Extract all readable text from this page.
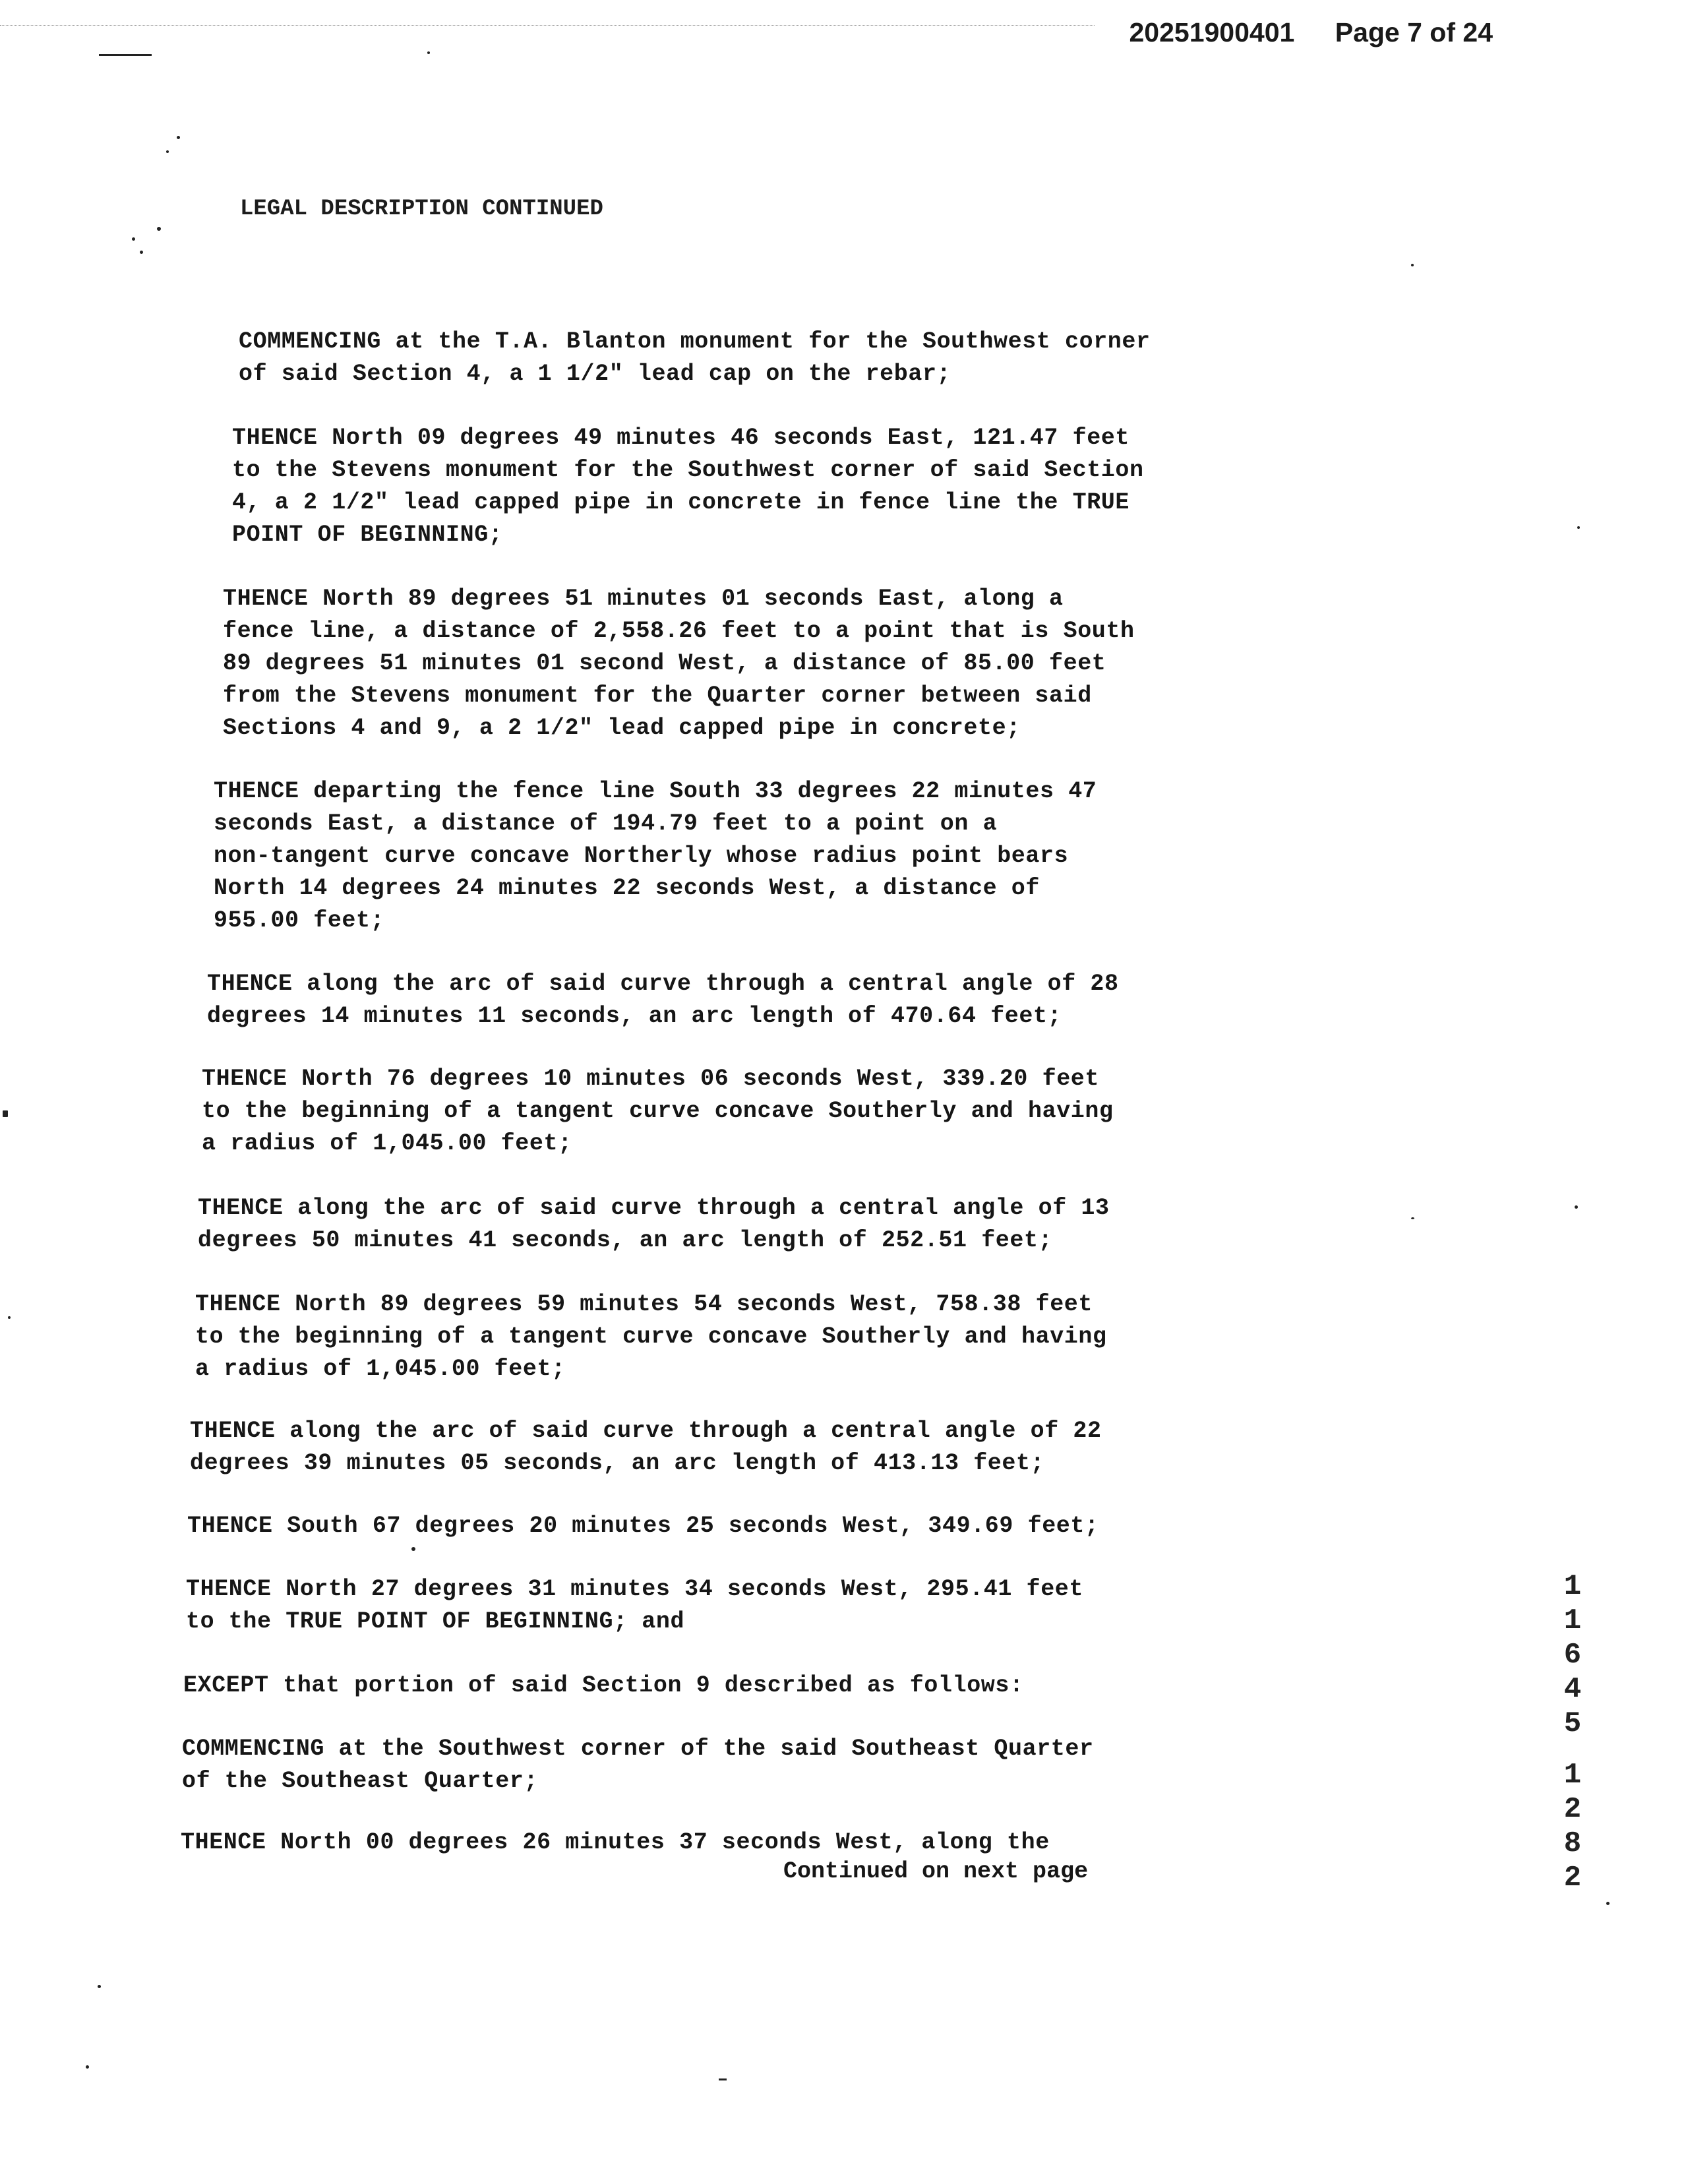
20251900401 Page 7 of 24
LEGAL DESCRIPTION CONTINUED

COMMENCING at the T.A. Blanton monument for the Southwest corner
of said Section 4, a 1 1/2" lead cap on the rebar;

THENCE North 09 degrees 49 minutes 46 seconds East, 121.47 feet
to the Stevens monument for the Southwest corner of said Section
4, a 2 1/2" lead capped pipe in concrete in fence line the TRUE
POINT OF BEGINNING;

THENCE North 89 degrees 51 minutes 01 seconds East, along a
fence line, a distance of 2,558.26 feet to a point that is South
89 degrees 51 minutes 01 second West, a distance of 85.00 feet
from the Stevens monument for the Quarter corner between said
Sections 4 and 9, a 2 1/2" lead capped pipe in concrete;

THENCE departing the fence line South 33 degrees 22 minutes 47
seconds East, a distance of 194.79 feet to a point on a
non-tangent curve concave Northerly whose radius point bears
North 14 degrees 24 minutes 22 seconds West, a distance of
955.00 feet;

THENCE along the arc of said curve through a central angle of 28
degrees 14 minutes 11 seconds, an arc length of 470.64 feet;

THENCE North 76 degrees 10 minutes 06 seconds West, 339.20 feet
to the beginning of a tangent curve concave Southerly and having
a radius of 1,045.00 feet;

THENCE along the arc of said curve through a central angle of 13
degrees 50 minutes 41 seconds, an arc length of 252.51 feet;

THENCE North 89 degrees 59 minutes 54 seconds West, 758.38 feet
to the beginning of a tangent curve concave Southerly and having
a radius of 1,045.00 feet;

THENCE along the arc of said curve through a central angle of 22
degrees 39 minutes 05 seconds, an arc length of 413.13 feet;

THENCE South 67 degrees 20 minutes 25 seconds West, 349.69 feet;

THENCE North 27 degrees 31 minutes 34 seconds West, 295.41 feet
to the TRUE POINT OF BEGINNING; and

EXCEPT that portion of said Section 9 described as follows:

COMMENCING at the Southwest corner of the said Southeast Quarter
of the Southeast Quarter;

THENCE North 00 degrees 26 minutes 37 seconds West, along the

Continued on next page
1
1
6
4
5
1
2
8
2
